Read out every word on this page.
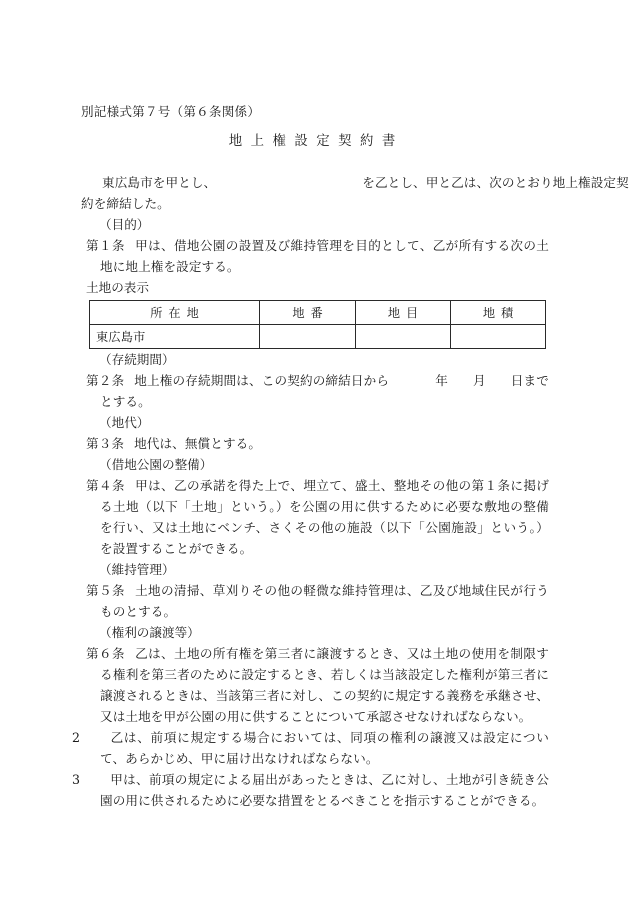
別記様式第７号（第６条関係）
地上権設定契約書
東広島市を甲とし、	を乙とし、甲と乙は、次のとおり地上権設定契
約を締結した。
（目的）
第１条 甲は、借地公園の設置及び維持管理を目的として、乙が所有する次の土地に地上権を設定する。
土地の表示
所在地	地番	地目	地積
東広島市			
（存続期間）
第２条 地上権の存続期間は、この契約の締結日から	年 月 日までとする。
（地代）
第３条 地代は、無償とする。
（借地公園の整備）
第４条 甲は、乙の承諾を得た上で、埋立て、盛土、整地その他の第１条に掲げる土地（以下「土地」という。）を公園の用に供するために必要な敷地の整備を行い、又は土地にベンチ、さくその他の施設（以下「公園施設」という。）を設置することができる。
（維持管理）
第５条 土地の清掃、草刈りその他の軽微な維持管理は、乙及び地域住民が行うものとする。
（権利の譲渡等）
第６条 乙は、土地の所有権を第三者に譲渡するとき、又は土地の使用を制限する権利を第三者のために設定するとき、若しくは当該設定した権利が第三者に譲渡されるときは、当該第三者に対し、この契約に規定する義務を承継させ、又は土地を甲が公園の用に供することについて承認させなければならない。
2 乙は、前項に規定する場合においては、同項の権利の譲渡又は設定について、あらかじめ、甲に届け出なければならない。
3 甲は、前項の規定による届出があったときは、乙に対し、土地が引き続き公園の用に供されるために必要な措置をとるべきことを指示することができる。
